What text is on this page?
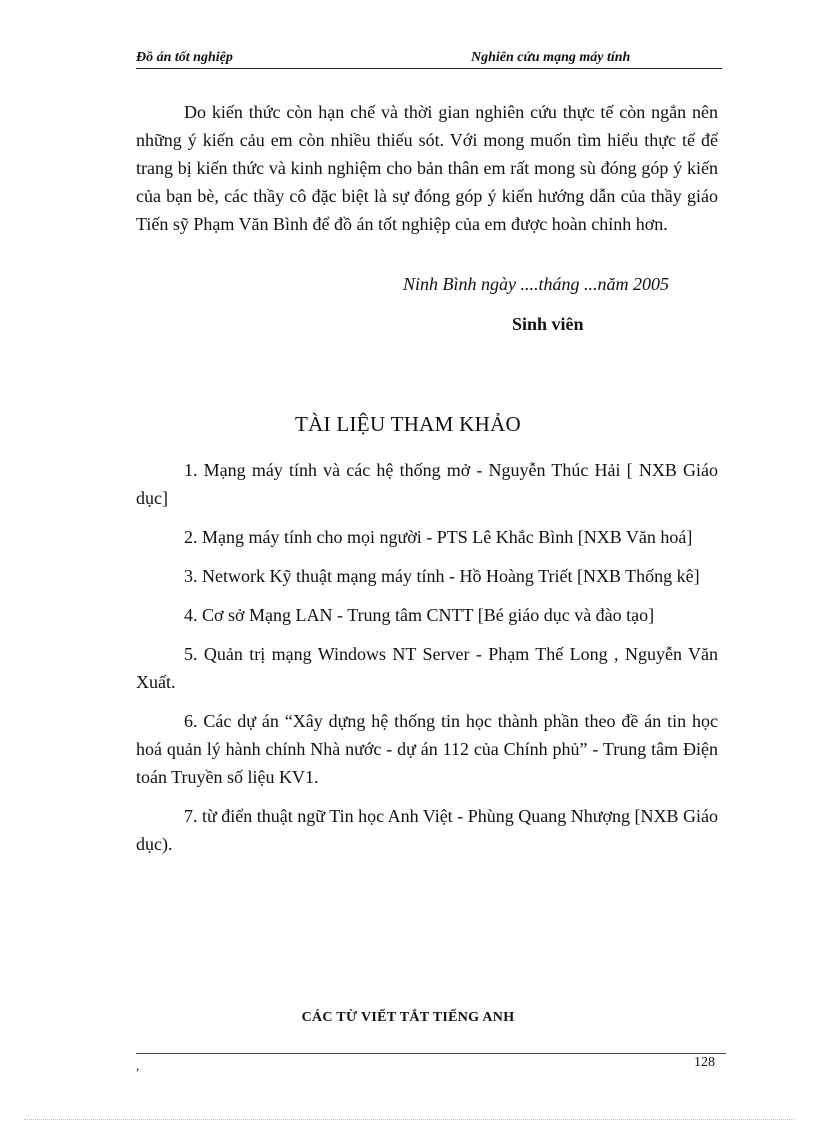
Đồ án tốt nghiệp	Nghiên cứu mạng máy tính
Do kiến thức còn hạn chế và thời gian nghiên cứu thực tế còn ngắn nên những ý kiến cảu em còn nhiều thiếu sót. Với mong muốn tìm hiểu thực tế để trang bị kiến thức và kinh nghiệm cho bản thân em rất mong sù đóng góp ý kiến của bạn bè, các thầy cô đặc biệt là sự đóng góp ý kiến hướng dẫn của thầy giáo Tiến sỹ Phạm Văn Bình để đồ án tốt nghiệp của em được hoàn chỉnh hơn.
Ninh Bình ngày ....tháng ...năm 2005
Sinh viên
TÀI LIỆU THAM KHẢO

1. Mạng máy tính và các hệ thống mở - Nguyễn Thúc Hải [ NXB Giáo dục]

2. Mạng máy tính cho mọi người - PTS Lê Khắc Bình [NXB Văn hoá]

3. Network Kỹ thuật mạng máy tính - Hồ Hoàng Triết [NXB Thống kê]

4. Cơ sở Mạng LAN - Trung tâm CNTT [Bé giáo dục và đào tạo]

5. Quản trị mạng Windows NT Server - Phạm Thế Long , Nguyễn Văn Xuất.

6. Các dự án “Xây dựng hệ thống tin học thành phần theo đề án tin học hoá quản lý hành chính Nhà nước - dự án 112 của Chính phủ” - Trung tâm Điện toán Truyền số liệu KV1.

7. từ điển thuật ngữ Tin học Anh Việt - Phùng Quang Nhượng [NXB Giáo dục).

CÁC TỪ VIẾT TẮT TIẾNG ANH
,	128
